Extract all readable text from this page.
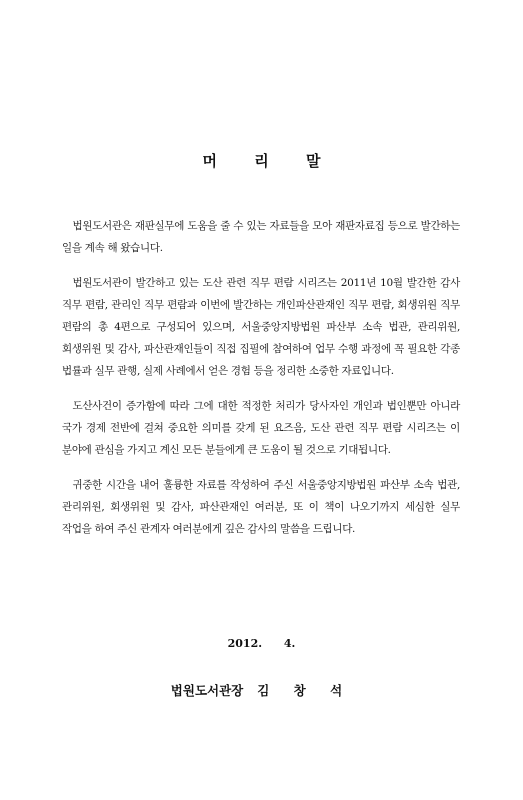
머 리 말

법원도서관은 재판실무에 도움을 줄 수 있는 자료들을 모아 재판자료집 등으로 발간하는 일을 계속 해 왔습니다.

법원도서관이 발간하고 있는 도산 관련 직무 편람 시리즈는 2011년 10월 발간한 감사 직무 편람, 관리인 직무 편람과 이번에 발간하는 개인파산관재인 직무 편람, 회생위원 직무 편람의 총 4편으로 구성되어 있으며, 서울중앙지방법원 파산부 소속 법관, 관리위원, 회생위원 및 감사, 파산관재인들이 직접 집필에 참여하여 업무 수행 과정에 꼭 필요한 각종 법률과 실무 관행, 실제 사례에서 얻은 경험 등을 정리한 소중한 자료입니다.

도산사건이 증가함에 따라 그에 대한 적정한 처리가 당사자인 개인과 법인뿐만 아니라 국가 경제 전반에 걸쳐 중요한 의미를 갖게 된 요즈음, 도산 관련 직무 편람 시리즈는 이 분야에 관심을 가지고 계신 모든 분들에게 큰 도움이 될 것으로 기대됩니다.

귀중한 시간을 내어 훌륭한 자료를 작성하여 주신 서울중앙지방법원 파산부 소속 법관, 관리위원, 회생위원 및 감사, 파산관재인 여러분, 또 이 책이 나오기까지 세심한 실무 작업을 하여 주신 관계자 여러분에게 깊은 감사의 말씀을 드립니다.

2012. 4.
법원도서관장 김 창 석
